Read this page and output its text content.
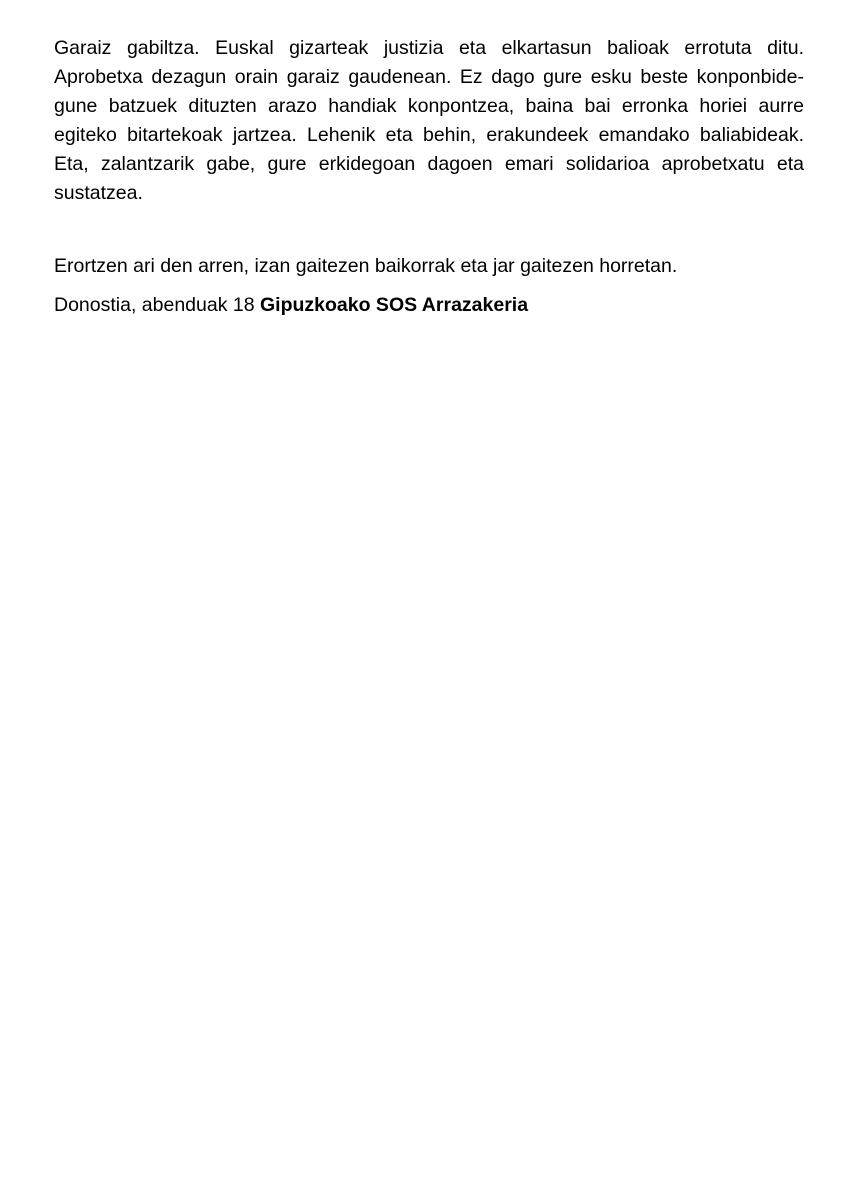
Garaiz gabiltza. Euskal gizarteak justizia eta elkartasun balioak errotuta ditu. Aprobetxa dezagun orain garaiz gaudenean. Ez dago gure esku beste konponbide-gune batzuek dituzten arazo handiak konpontzea, baina bai erronka horiei aurre egiteko bitartekoak jartzea. Lehenik eta behin, erakundeek emandako baliabideak. Eta, zalantzarik gabe, gure erkidegoan dagoen emari solidarioa aprobetxatu eta sustatzea.

Erortzen ari den arren, izan gaitezen baikorrak eta jar gaitezen horretan.

Donostia, abenduak 18 Gipuzkoako SOS Arrazakeria
